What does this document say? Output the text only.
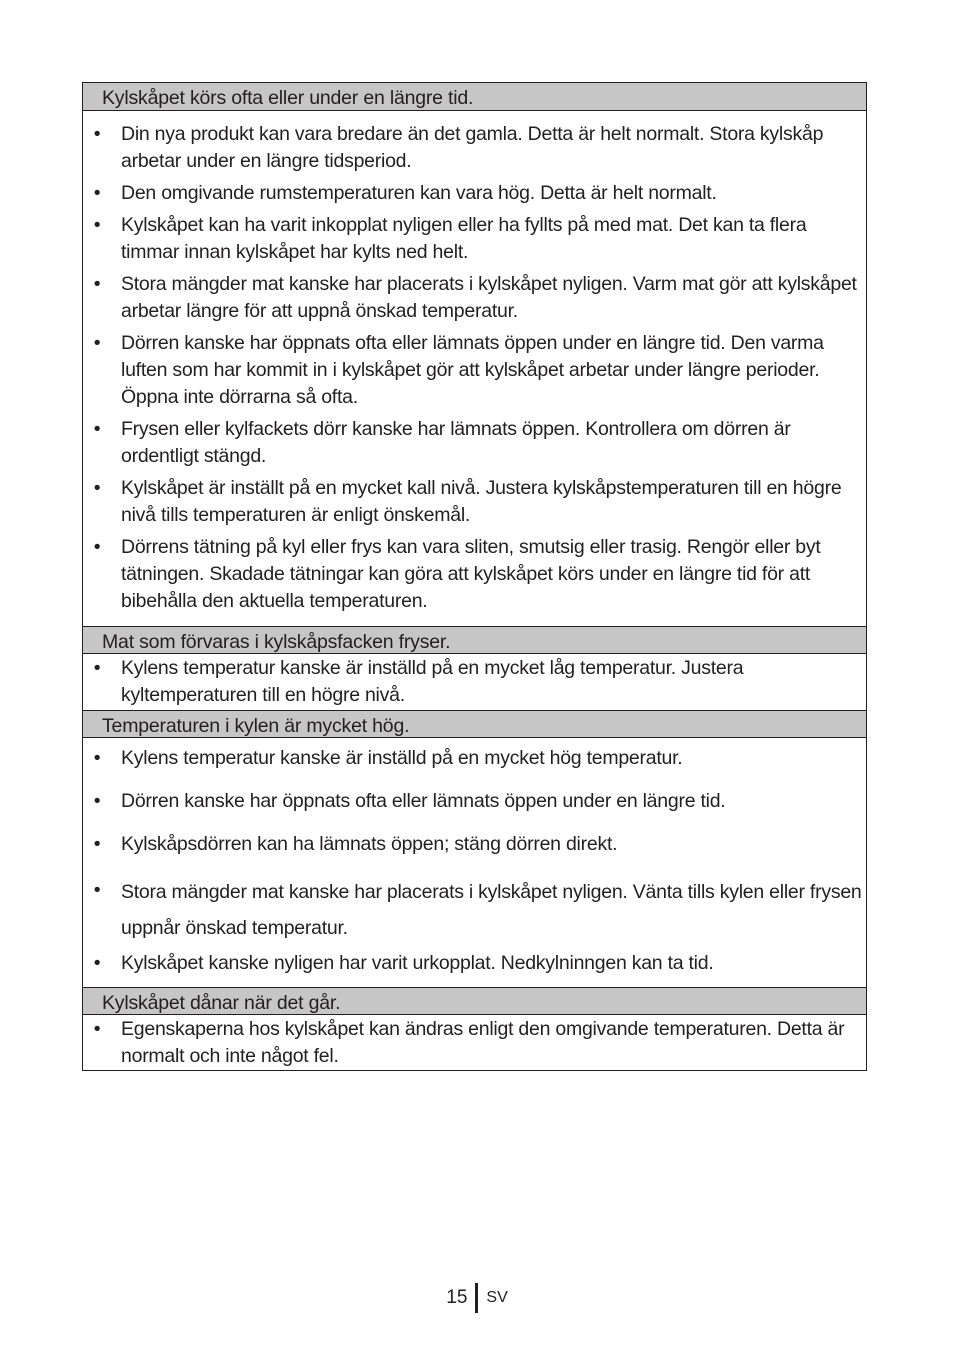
Kylskåpet körs ofta eller under en längre tid.
• Din nya produkt kan vara bredare än det gamla. Detta är helt normalt. Stora kylskåp arbetar under en längre tidsperiod.
• Den omgivande rumstemperaturen kan vara hög. Detta är helt normalt.
• Kylskåpet kan ha varit inkopplat nyligen eller ha fyllts på med mat. Det kan ta flera timmar innan kylskåpet har kylts ned helt.
• Stora mängder mat kanske har placerats i kylskåpet nyligen. Varm mat gör att kylskåpet arbetar längre för att uppnå önskad temperatur.
• Dörren kanske har öppnats ofta eller lämnats öppen under en längre tid. Den varma luften som har kommit in i kylskåpet gör att kylskåpet arbetar under längre perioder. Öppna inte dörrarna så ofta.
• Frysen eller kylfackets dörr kanske har lämnats öppen. Kontrollera om dörren är ordentligt stängd.
• Kylskåpet är inställt på en mycket kall nivå. Justera kylskåpstemperaturen till en högre nivå tills temperaturen är enligt önskemål.
• Dörrens tätning på kyl eller frys kan vara sliten, smutsig eller trasig. Rengör eller byt tätningen. Skadade tätningar kan göra att kylskåpet körs under en längre tid för att bibehålla den aktuella temperaturen.
Mat som förvaras i kylskåpsfacken fryser.
• Kylens temperatur kanske är inställd på en mycket låg temperatur. Justera kyltemperaturen till en högre nivå.
Temperaturen i kylen är mycket hög.
• Kylens temperatur kanske är inställd på en mycket hög temperatur.
• Dörren kanske har öppnats ofta eller lämnats öppen under en längre tid.
• Kylskåpsdörren kan ha lämnats öppen; stäng dörren direkt.
• Stora mängder mat kanske har placerats i kylskåpet nyligen. Vänta tills kylen eller frysen uppnår önskad temperatur.
• Kylskåpet kanske nyligen har varit urkopplat. Nedkylninngen kan ta tid.
Kylskåpet dånar när det går.
• Egenskaperna hos kylskåpet kan ändras enligt den omgivande temperaturen. Detta är normalt och inte något fel.
15 SV
